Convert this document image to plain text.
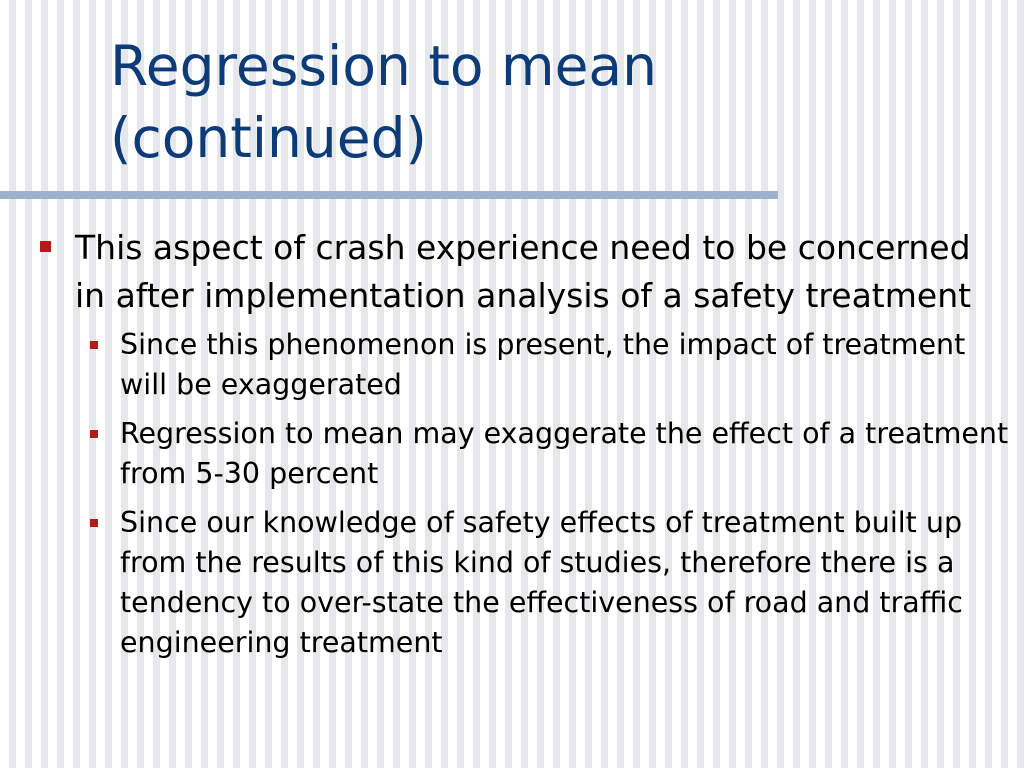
Regression to mean
(continued)
This aspect of crash experience need to be concerned in after implementation analysis of a safety treatment
Since this phenomenon is present, the impact of treatment will be exaggerated
Regression to mean may exaggerate the effect of a treatment from 5-30 percent
Since our knowledge of safety effects of treatment built up from the results of this kind of studies, therefore there is a tendency to over-state the effectiveness of road and traffic engineering treatment
